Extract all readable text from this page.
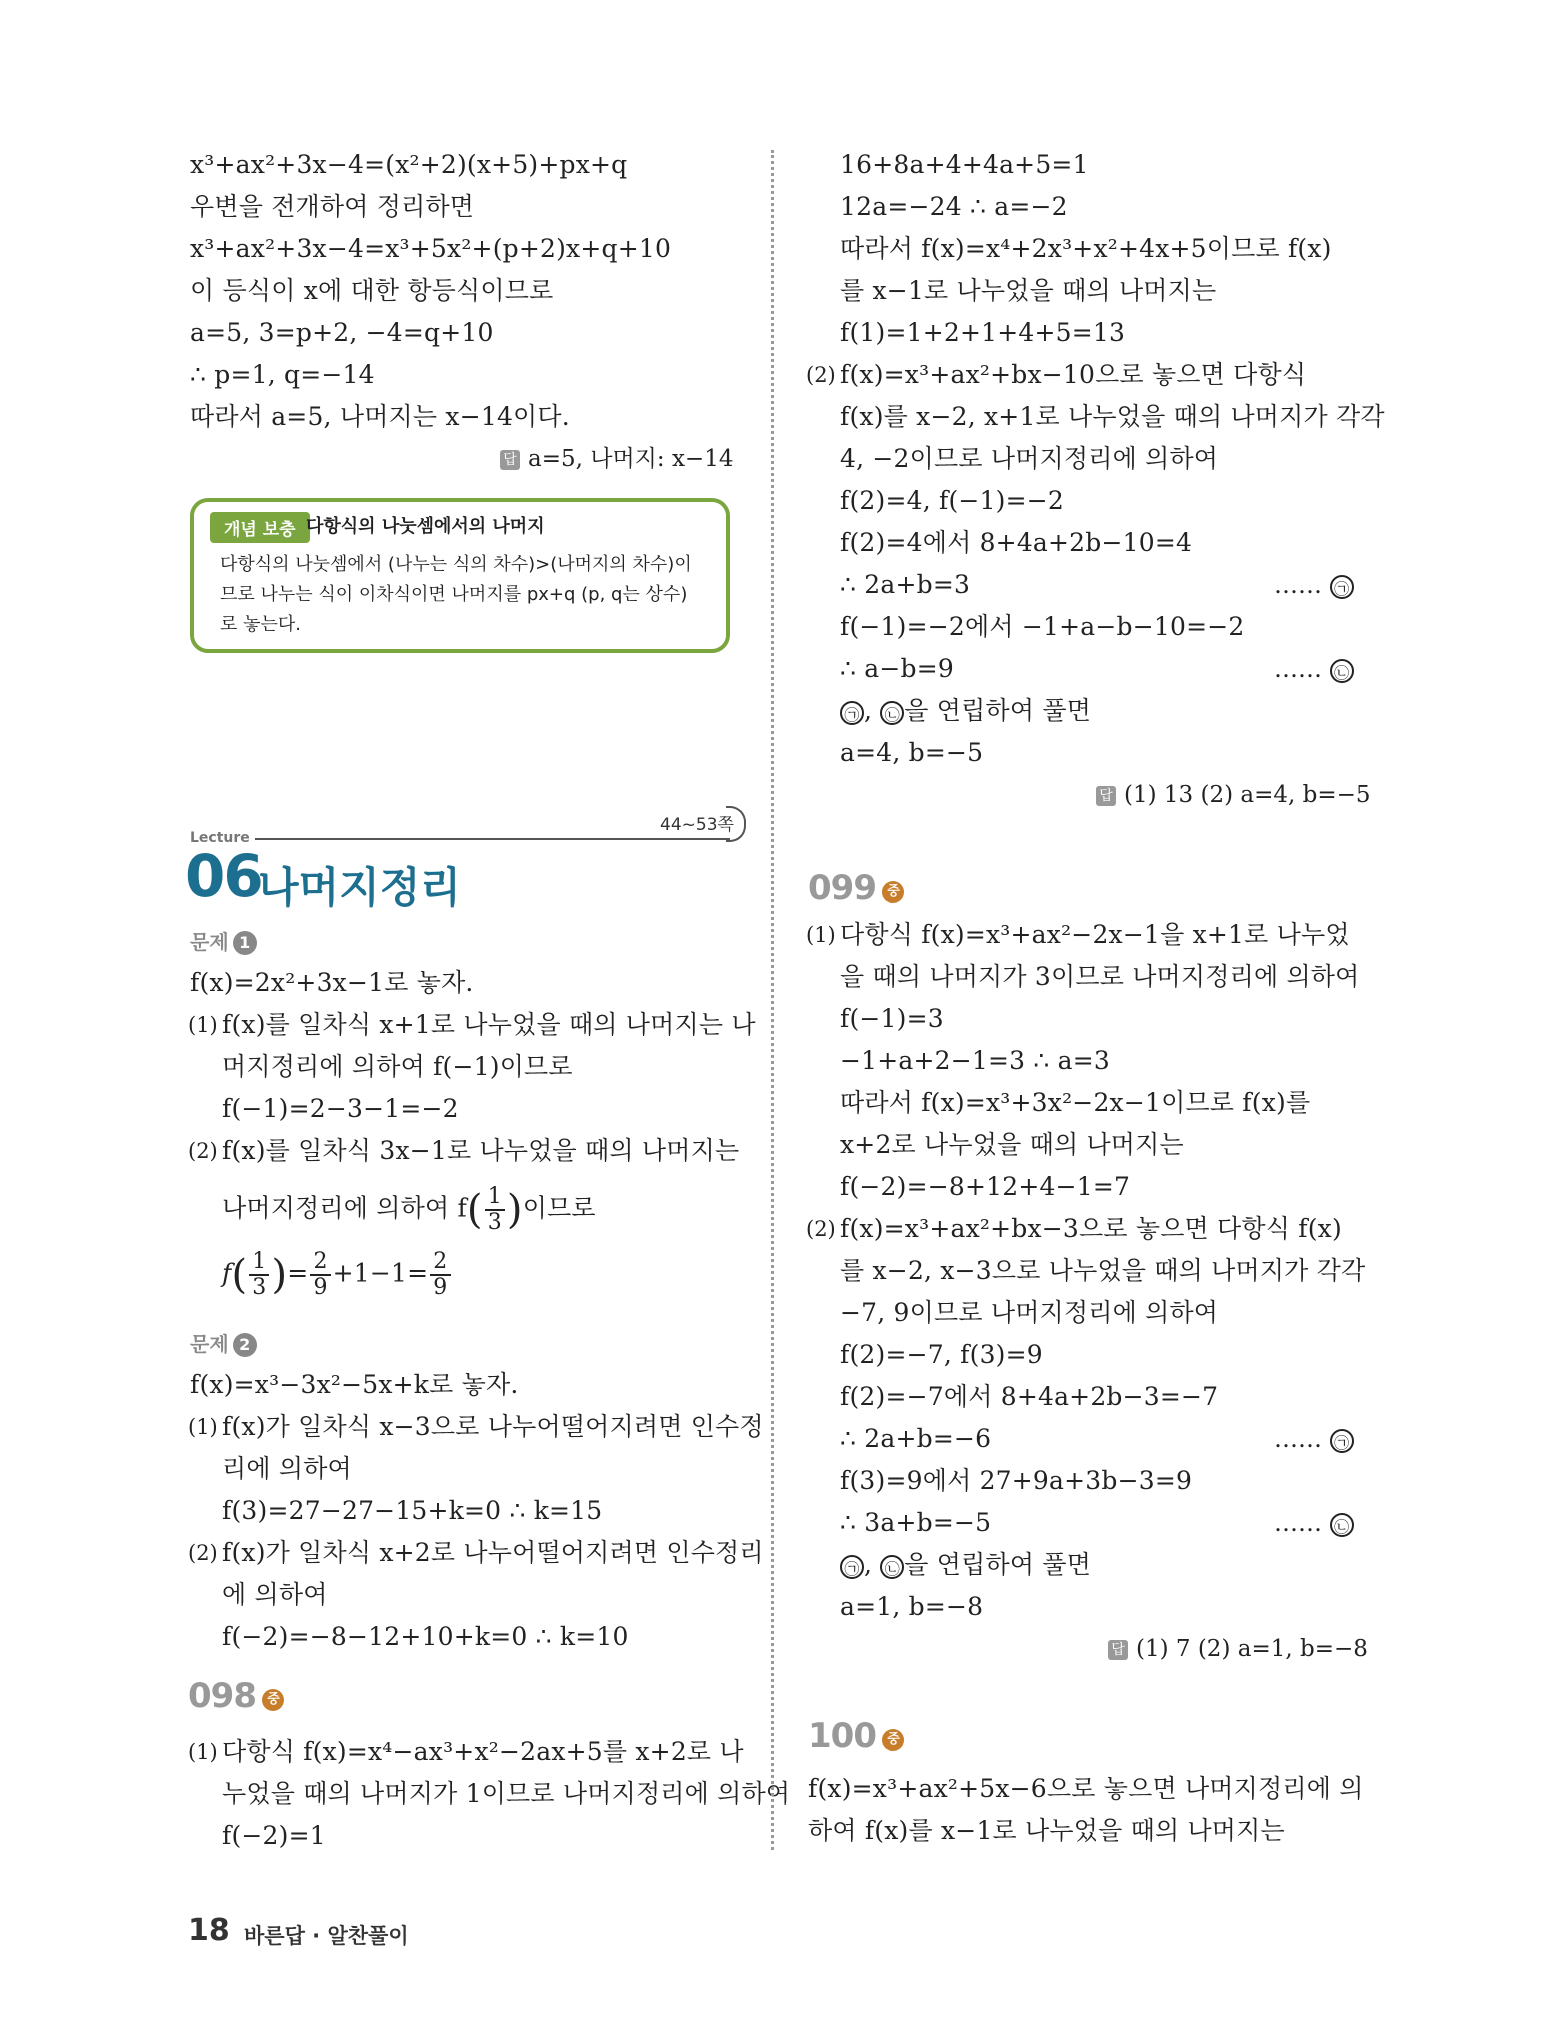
x³+ax²+3x−4=(x²+2)(x+5)+px+q
우변을 전개하여 정리하면
x³+ax²+3x−4=x³+5x²+(p+2)x+q+10
이 등식이 x에 대한 항등식이므로
a=5, 3=p+2, −4=q+10
∴ p=1, q=−14
따라서 a=5, 나머지는 x−14이다.
답 a=5, 나머지: x−14
개념 보충 다항식의 나눗셈에서의 나머지
다항식의 나눗셈에서 (나누는 식의 차수)>(나머지의 차수)이
므로 나누는 식이 이차식이면 나머지를 px+q (p, q는 상수)
로 놓는다.
44~53쪽
Lecture
06
나머지정리
문제 1
f(x)=2x²+3x−1로 놓자.
(1) f(x)를 일차식 x+1로 나누었을 때의 나머지는 나
머지정리에 의하여 f(−1)이므로
f(−1)=2−3−1=−2
(2) f(x)를 일차식 3x−1로 나누었을 때의 나머지는
나머지정리에 의하여 $f( \frac{1}{3}$ )이므로
$f( \frac{1}{3}$ )= $\frac{2}{9} +1-1= \frac{2}{9}$
문제 2
f(x)=x³−3x²−5x+k로 놓자.
(1) f(x)가 일차식 x−3으로 나누어떨어지려면 인수정
리에 의하여
f(3)=27−27−15+k=0 ∴ k=15
(2) f(x)가 일차식 x+2로 나누어떨어지려면 인수정리
에 의하여
f(−2)=−8−12+10+k=0 ∴ k=10
098 중
(1) 다항식 f(x)=x⁴−ax³+x²−2ax+5를 x+2로 나
누었을 때의 나머지가 1이므로 나머지정리에 의하여
f(−2)=1
16+8a+4+4a+5=1
12a=−24 ∴ a=−2
따라서 f(x)=x⁴+2x³+x²+4x+5이므로 f(x)
를 x−1로 나누었을 때의 나머지는
f(1)=1+2+1+4+5=13
(2) f(x)=x³+ax²+bx−10으로 놓으면 다항식
f(x)를 x−2, x+1로 나누었을 때의 나머지가 각각
4, −2이므로 나머지정리에 의하여
f(2)=4, f(−1)=−2
f(2)=4에서 8+4a+2b−10=4
∴ 2a+b=3	…… ㉠
f(−1)=−2에서 −1+a−b−10=−2
∴ a−b=9	…… ㉡
㉠ , ㉡ 을 연립하여 풀면
a=4, b=−5
답 (1) 13 (2) a=4, b=−5
099 중
(1) 다항식 f(x)=x³+ax²−2x−1을 x+1로 나누었
을 때의 나머지가 3이므로 나머지정리에 의하여
f(−1)=3
−1+a+2−1=3 ∴ a=3
따라서 f(x)=x³+3x²−2x−1이므로 f(x)를
x+2로 나누었을 때의 나머지는
f(−2)=−8+12+4−1=7
(2) f(x)=x³+ax²+bx−3으로 놓으면 다항식 f(x)
를 x−2, x−3으로 나누었을 때의 나머지가 각각
−7, 9이므로 나머지정리에 의하여
f(2)=−7, f(3)=9
f(2)=−7에서 8+4a+2b−3=−7
∴ 2a+b=−6	…… ㉠
f(3)=9에서 27+9a+3b−3=9
∴ 3a+b=−5	…… ㉡
㉠ , ㉡ 을 연립하여 풀면
a=1, b=−8
답 (1) 7 (2) a=1, b=−8
100 중
f(x)=x³+ax²+5x−6으로 놓으면 나머지정리에 의
하여 f(x)를 x−1로 나누었을 때의 나머지는
18 바른답 · 알찬풀이
